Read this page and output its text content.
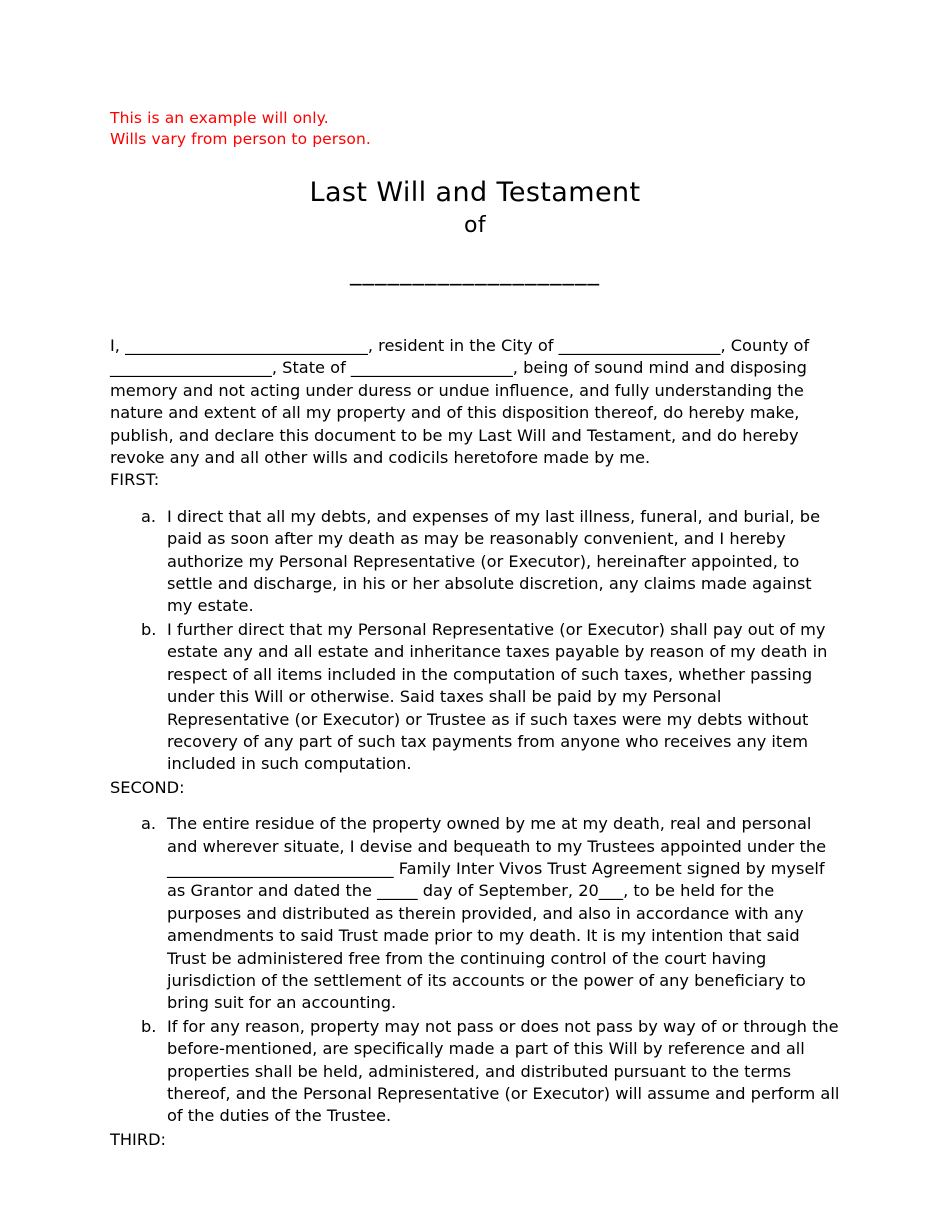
This is an example will only.
Wills vary from person to person.
Last Will and Testament
of
____________________

I, ______________________________, resident in the City of ____________________, County of ____________________, State of ____________________, being of sound mind and disposing memory and not acting under duress or undue influence, and fully understanding the nature and extent of all my property and of this disposition thereof, do hereby make, publish, and declare this document to be my Last Will and Testament, and do hereby revoke any and all other wills and codicils heretofore made by me.

FIRST:

a. I direct that all my debts, and expenses of my last illness, funeral, and burial, be paid as soon after my death as may be reasonably convenient, and I hereby authorize my Personal Representative (or Executor), hereinafter appointed, to settle and discharge, in his or her absolute discretion, any claims made against my estate.
b. I further direct that my Personal Representative (or Executor) shall pay out of my estate any and all estate and inheritance taxes payable by reason of my death in respect of all items included in the computation of such taxes, whether passing under this Will or otherwise. Said taxes shall be paid by my Personal Representative (or Executor) or Trustee as if such taxes were my debts without recovery of any part of such tax payments from anyone who receives any item included in such computation.

SECOND:

a. The entire residue of the property owned by me at my death, real and personal and wherever situate, I devise and bequeath to my Trustees appointed under the ____________________________ Family Inter Vivos Trust Agreement signed by myself as Grantor and dated the _____ day of September, 20___, to be held for the purposes and distributed as therein provided, and also in accordance with any amendments to said Trust made prior to my death. It is my intention that said Trust be administered free from the continuing control of the court having jurisdiction of the settlement of its accounts or the power of any beneficiary to bring suit for an accounting.
b. If for any reason, property may not pass or does not pass by way of or through the before-mentioned, are specifically made a part of this Will by reference and all properties shall be held, administered, and distributed pursuant to the terms thereof, and the Personal Representative (or Executor) will assume and perform all of the duties of the Trustee.

THIRD:
